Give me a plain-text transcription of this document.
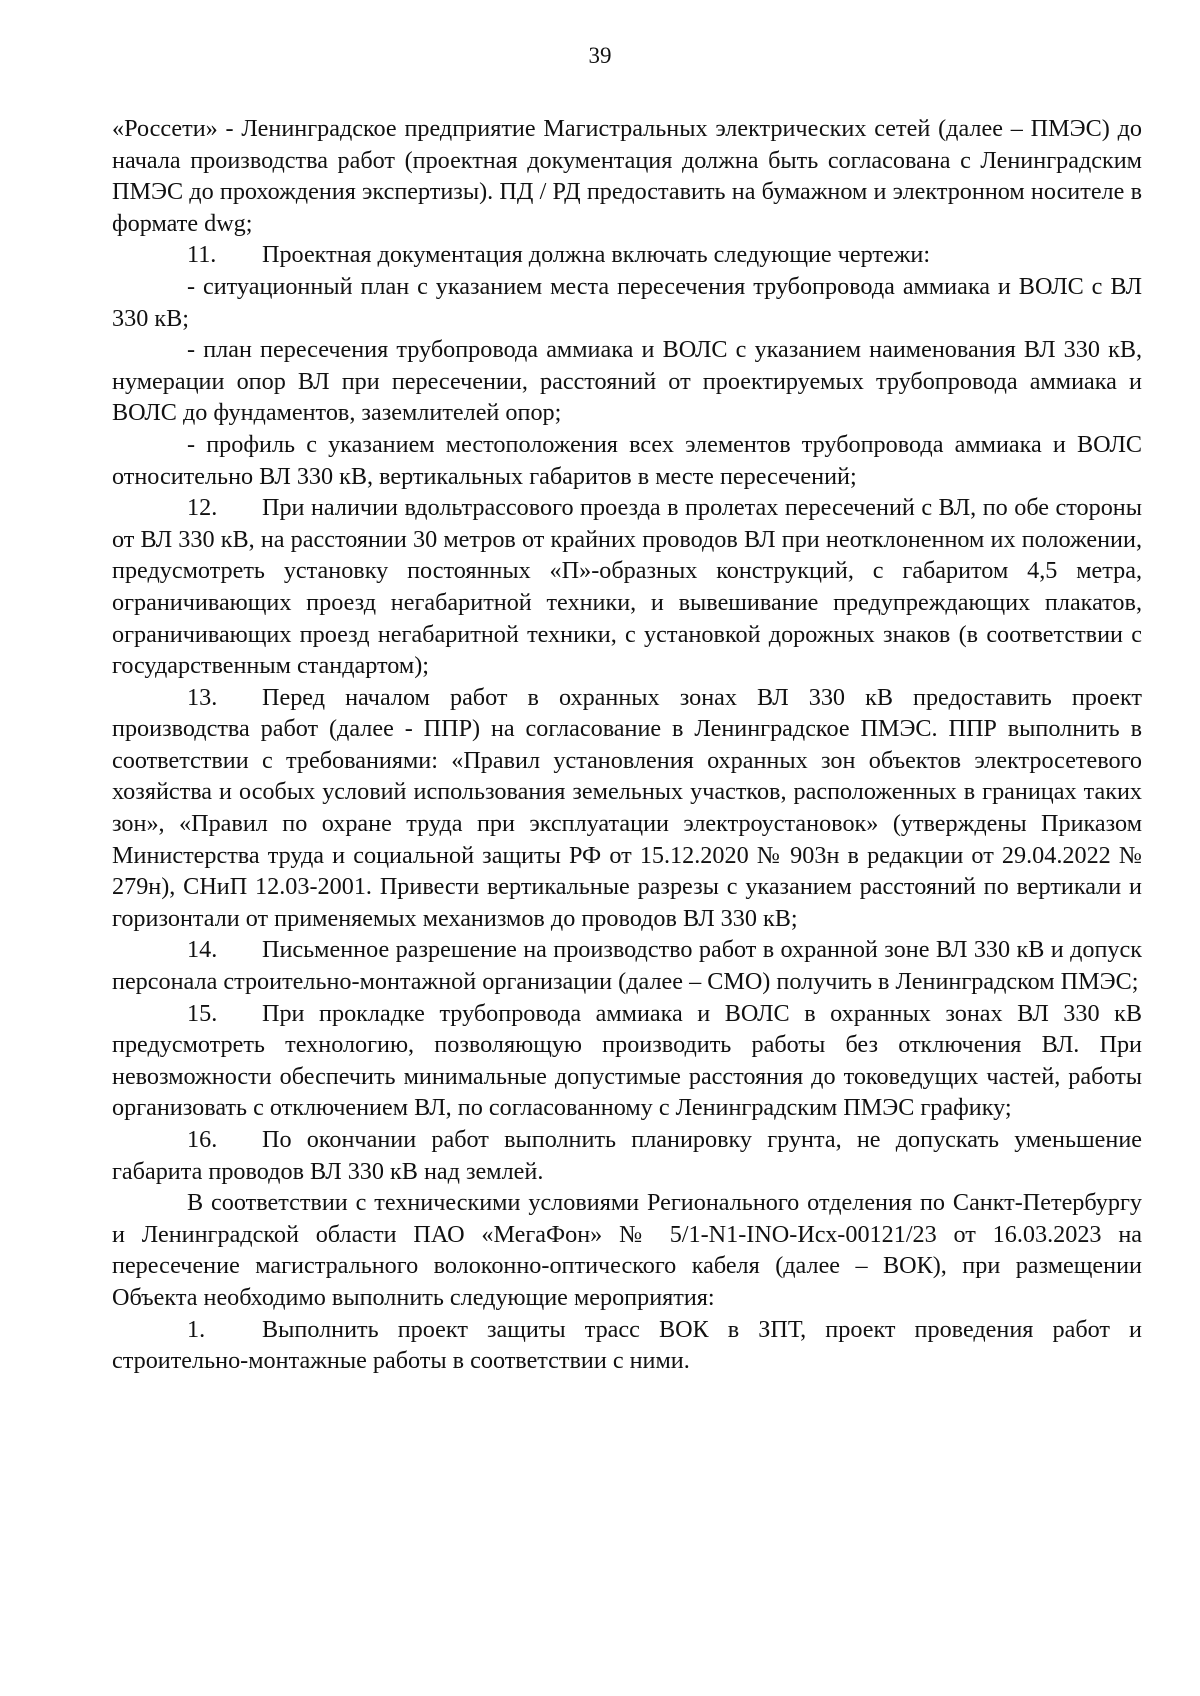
39

«Россети» - Ленинградское предприятие Магистральных электрических сетей (далее – ПМЭС) до начала производства работ (проектная документация должна быть согласована с Ленинградским ПМЭС до прохождения экспертизы). ПД / РД предоставить на бумажном и электронном носителе в формате dwg;

11. Проектная документация должна включать следующие чертежи:

- ситуационный план с указанием места пересечения трубопровода аммиака и ВОЛС с ВЛ 330 кВ;

- план пересечения трубопровода аммиака и ВОЛС с указанием наименования ВЛ 330 кВ, нумерации опор ВЛ при пересечении, расстояний от проектируемых трубопровода аммиака и ВОЛС до фундаментов, заземлителей опор;

- профиль с указанием местоположения всех элементов трубопровода аммиака и ВОЛС относительно ВЛ 330 кВ, вертикальных габаритов в месте пересечений;

12. При наличии вдольтрассового проезда в пролетах пересечений с ВЛ, по обе стороны от ВЛ 330 кВ, на расстоянии 30 метров от крайних проводов ВЛ при неотклоненном их положении, предусмотреть установку постоянных «П»-образных конструкций, с габаритом 4,5 метра, ограничивающих проезд негабаритной техники, и вывешивание предупреждающих плакатов, ограничивающих проезд негабаритной техники, с установкой дорожных знаков (в соответствии с государственным стандартом);

13. Перед началом работ в охранных зонах ВЛ 330 кВ предоставить проект производства работ (далее - ППР) на согласование в Ленинградское ПМЭС. ППР выполнить в соответствии с требованиями: «Правил установления охранных зон объектов электросетевого хозяйства и особых условий использования земельных участков, расположенных в границах таких зон», «Правил по охране труда при эксплуатации электроустановок» (утверждены Приказом Министерства труда и социальной защиты РФ от 15.12.2020 № 903н в редакции от 29.04.2022 № 279н), СНиП 12.03-2001. Привести вертикальные разрезы с указанием расстояний по вертикали и горизонтали от применяемых механизмов до проводов ВЛ 330 кВ;

14. Письменное разрешение на производство работ в охранной зоне ВЛ 330 кВ и допуск персонала строительно-монтажной организации (далее – СМО) получить в Ленинградском ПМЭС;

15. При прокладке трубопровода аммиака и ВОЛС в охранных зонах ВЛ 330 кВ предусмотреть технологию, позволяющую производить работы без отключения ВЛ. При невозможности обеспечить минимальные допустимые расстояния до токоведущих частей, работы организовать с отключением ВЛ, по согласованному с Ленинградским ПМЭС графику;

16. По окончании работ выполнить планировку грунта, не допускать уменьшение габарита проводов ВЛ 330 кВ над землей.

В соответствии с техническими условиями Регионального отделения по Санкт-Петербургу и Ленинградской области ПАО «МегаФон» № 5/1-N1-INO-Исх-00121/23 от 16.03.2023 на пересечение магистрального волоконно-оптического кабеля (далее – ВОК), при размещении Объекта необходимо выполнить следующие мероприятия:

1. Выполнить проект защиты трасс ВОК в ЗПТ, проект проведения работ и строительно-монтажные работы в соответствии с ними.
